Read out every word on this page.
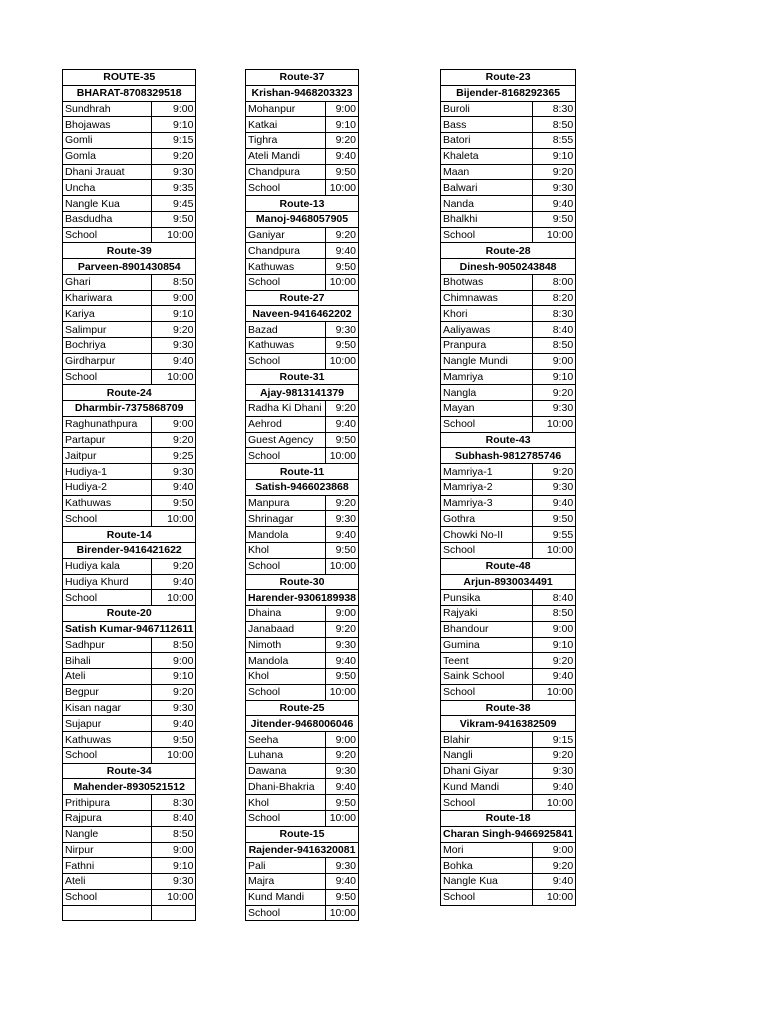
ROUTE-35	
BHARAT-8708329518	
Sundhrah	9:00
Bhojawas	9:10
Gomli	9:15
Gomla	9:20
Dhani Jrauat	9:30
Uncha	9:35
Nangle Kua	9:45
Basdudha	9:50
School	10:00
Route-39	
Parveen-8901430854	
Ghari	8:50
Khariwara	9:00
Kariya	9:10
Salimpur	9:20
Bochriya	9:30
Girdharpur	9:40
School	10:00
Route-24	
Dharmbir-7375868709	
Raghunathpura	9:00
Partapur	9:20
Jaitpur	9:25
Hudiya-1	9:30
Hudiya-2	9:40
Kathuwas	9:50
School	10:00
Route-14	
Birender-9416421622	
Hudiya kala	9:20
Hudiya Khurd	9:40
School	10:00
Route-20	
Satish Kumar-9467112611	
Sadhpur	8:50
Bihali	9:00
Ateli	9:10
Begpur	9:20
Kisan nagar	9:30
Sujapur	9:40
Kathuwas	9:50
School	10:00
Route-34	
Mahender-8930521512	
Prithipura	8:30
Rajpura	8:40
Nangle	8:50
Nirpur	9:00
Fathni	9:10
Ateli	9:30
School	10:00

Route-37	
Krishan-9468203323	
Mohanpur	9:00
Katkai	9:10
Tighra	9:20
Ateli Mandi	9:40
Chandpura	9:50
School	10:00
Route-13	
Manoj-9468057905	
Ganiyar	9:20
Chandpura	9:40
Kathuwas	9:50
School	10:00
Route-27	
Naveen-9416462202	
Bazad	9:30
Kathuwas	9:50
School	10:00
Route-31	
Ajay-9813141379	
Radha Ki Dhani	9:20
Aehrod	9:40
Guest Agency	9:50
School	10:00
Route-11	
Satish-9466023868	
Manpura	9:20
Shrinagar	9:30
Mandola	9:40
Khol	9:50
School	10:00
Route-30	
Harender-9306189938	
Dhaina	9:00
Janabaad	9:20
Nimoth	9:30
Mandola	9:40
Khol	9:50
School	10:00
Route-25	
Jitender-9468006046	
Seeha	9:00
Luhana	9:20
Dawana	9:30
Dhani-Bhakria	9:40
Khol	9:50
School	10:00
Route-15	
Rajender-9416320081	
Pali	9:30
Majra	9:40
Kund Mandi	9:50
School	10:00
Route-23	
Bijender-8168292365	
Buroli	8:30
Bass	8:50
Batori	8:55
Khaleta	9:10
Maan	9:20
Balwari	9:30
Nanda	9:40
Bhalkhi	9:50
School	10:00
Route-28	
Dinesh-9050243848	
Bhotwas	8:00
Chimnawas	8:20
Khori	8:30
Aaliyawas	8:40
Pranpura	8:50
Nangle Mundi	9:00
Mamriya	9:10
Nangla	9:20
Mayan	9:30
School	10:00
Route-43	
Subhash-9812785746	
Mamriya-1	9:20
Mamriya-2	9:30
Mamriya-3	9:40
Gothra	9:50
Chowki No-II	9:55
School	10:00
Route-48	
Arjun-8930034491	
Punsika	8:40
Rajyaki	8:50
Bhandour	9:00
Gumina	9:10
Teent	9:20
Saink School	9:40
School	10:00
Route-38	
Vikram-9416382509	
Blahir	9:15
Nangli	9:20
Dhani Giyar	9:30
Kund Mandi	9:40
School	10:00
Route-18	
Charan Singh-9466925841	
Mori	9:00
Bohka	9:20
Nangle Kua	9:40
School	10:00
